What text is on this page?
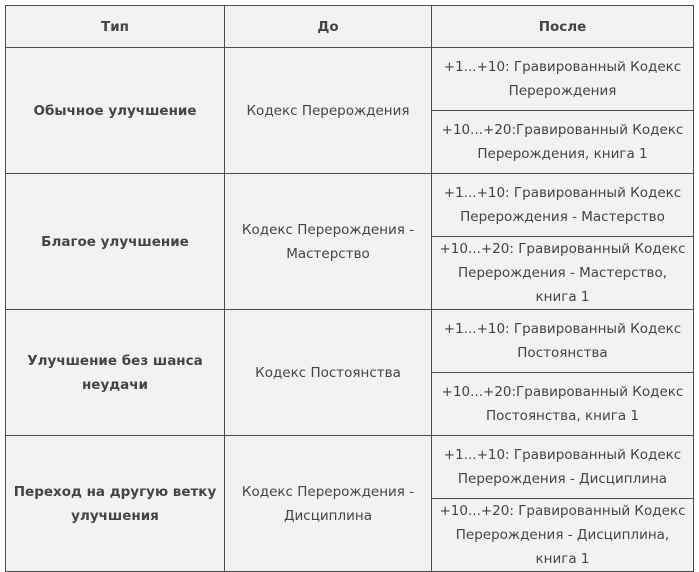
Тип	До	После
Обычное улучшение	Кодекс Перерождения	+1...+10: Гравированный Кодекс Перерождения
		+10...+20:Гравированный Кодекс Перерождения, книга 1
Благое улучшение	Кодекс Перерождения - Мастерство	+1...+10: Гравированный Кодекс Перерождения - Мастерство
		+10...+20: Гравированный Кодекс Перерождения - Мастерство, книга 1
Улучшение без шанса неудачи	Кодекс Постоянства	+1...+10: Гравированный Кодекс Постоянства
		+10...+20:Гравированный Кодекс Постоянства, книга 1
Переход на другую ветку улучшения	Кодекс Перерождения - Дисциплина	+1...+10: Гравированный Кодекс Перерождения - Дисциплина
		+10...+20: Гравированный Кодекс Перерождения - Дисциплина, книга 1
